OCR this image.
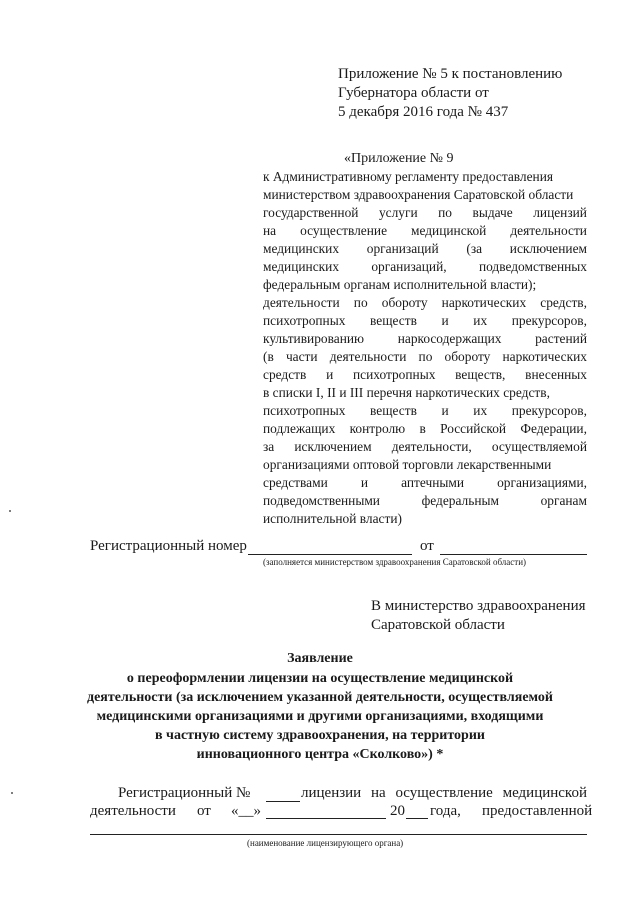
Приложение № 5 к постановлению
Губернатора области от
5 декабря 2016 года № 437
«Приложение № 9
к Административному регламенту предоставления
министерством здравоохранения Саратовской области
государственной услуги по выдаче лицензий
на осуществление медицинской деятельности
медицинских организаций (за исключением
медицинских организаций, подведомственных
федеральным органам исполнительной власти);
деятельности по обороту наркотических средств,
психотропных веществ и их прекурсоров,
культивированию	наркосодержащих	растений
(в части деятельности по обороту наркотических
средств и психотропных веществ, внесенных
в списки I, II и III перечня наркотических средств,
психотропных веществ и их прекурсоров,
подлежащих контролю в Российской Федерации,
за исключением деятельности, осуществляемой
организациями оптовой торговли лекарственными
средствами и аптечными организациями,
подведомственными	федеральным	органам
исполнительной власти)
Регистрационный номер	от
(заполняется министерством здравоохранения Саратовской области)
В министерство здравоохранения
Саратовской области
Заявление
о переоформлении лицензии на осуществление медицинской
деятельности (за исключением указанной деятельности, осуществляемой
медицинскими организациями и другими организациями, входящими
в частную систему здравоохранения, на территории
инновационного центра «Сколково») *
Регистрационный №	лицензии на осуществление медицинской
деятельности от «__»	20 года, предоставленной
(наименование лицензирующего органа)
